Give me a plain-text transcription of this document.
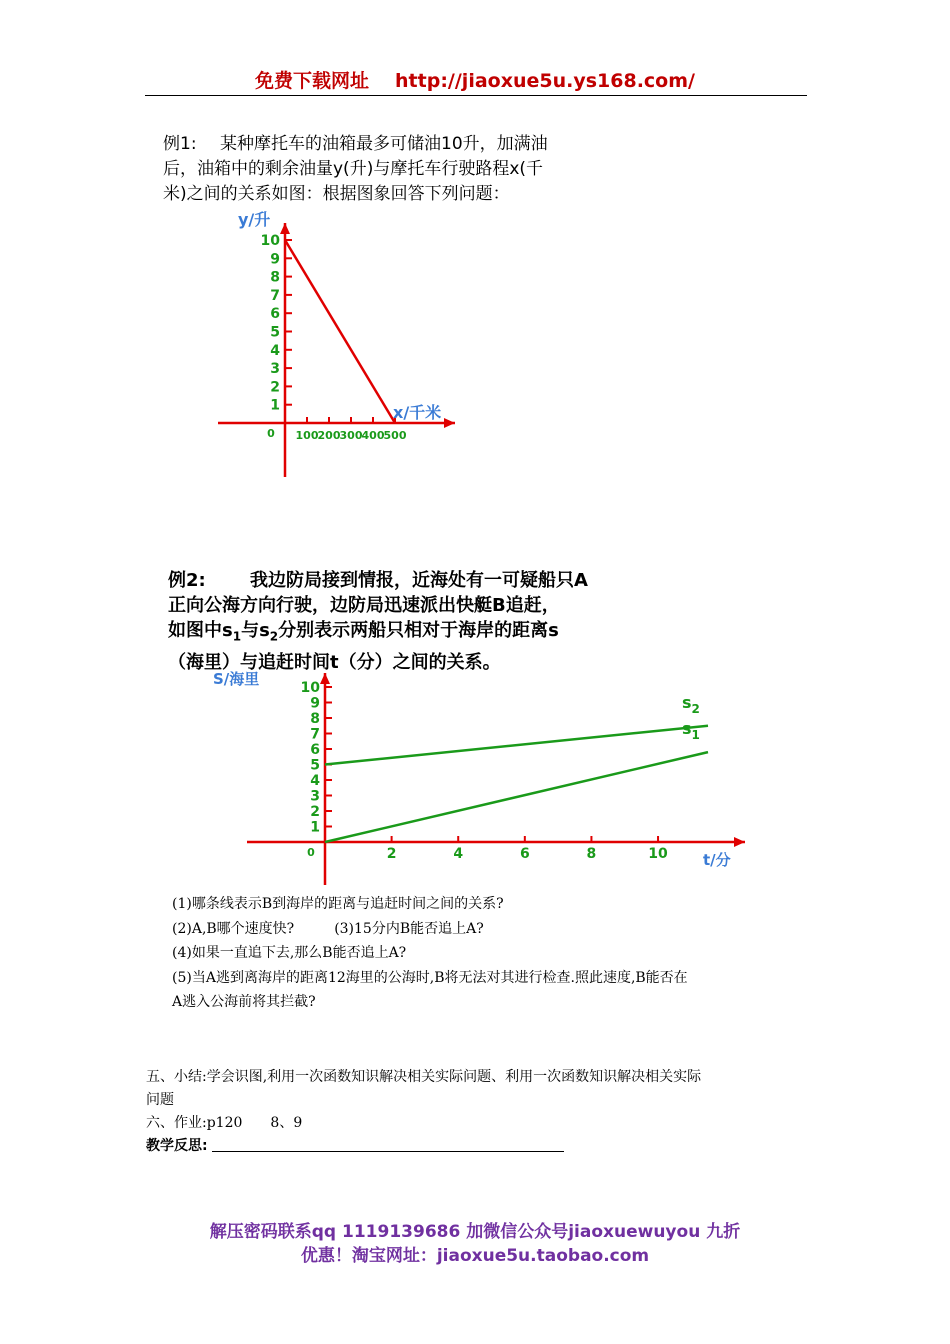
免费下载网址 http://jiaoxue5u.ys168.com/
例1: 某种摩托车的油箱最多可储油10升，加满油
后，油箱中的剩余油量y(升)与摩托车行驶路程x(千
米)之间的关系如图：根据图象回答下列问题：
1
2
3
4
5
6
7
8
9
10
100 200 300 400 500
0
y/升
x/千米
例2: 我边防局接到情报，近海处有一可疑船只A
正向公海方向行驶，边防局迅速派出快艇B追赶，
如图中$s_1$与$s_2$分别表示两船只相对于海岸的距离s
（海里）与追赶时间t（分）之间的关系。
1
2
3
4
5
6
7
8
9
10
2	4	6	8	10
0
S/海里
t/分
$s_2$
$s_1$
(1)哪条线表示B到海岸的距离与追赶时间之间的关系?
(2)A,B哪个速度快?	(3)15分内B能否追上A?
(4)如果一直追下去,那么B能否追上A?
(5)当A逃到离海岸的距离12海里的公海时,B将无法对其进行检查.照此速度,B能否在
A逃入公海前将其拦截?
五、小结:学会识图,利用一次函数知识解决相关实际问题、利用一次函数知识解决相关实际
问题
六、作业:p120 8、9
教学反思:
解压密码联系qq 1119139686 加微信公众号jiaoxuewuyou 九折
优惠！淘宝网址：jiaoxue5u.taobao.com
